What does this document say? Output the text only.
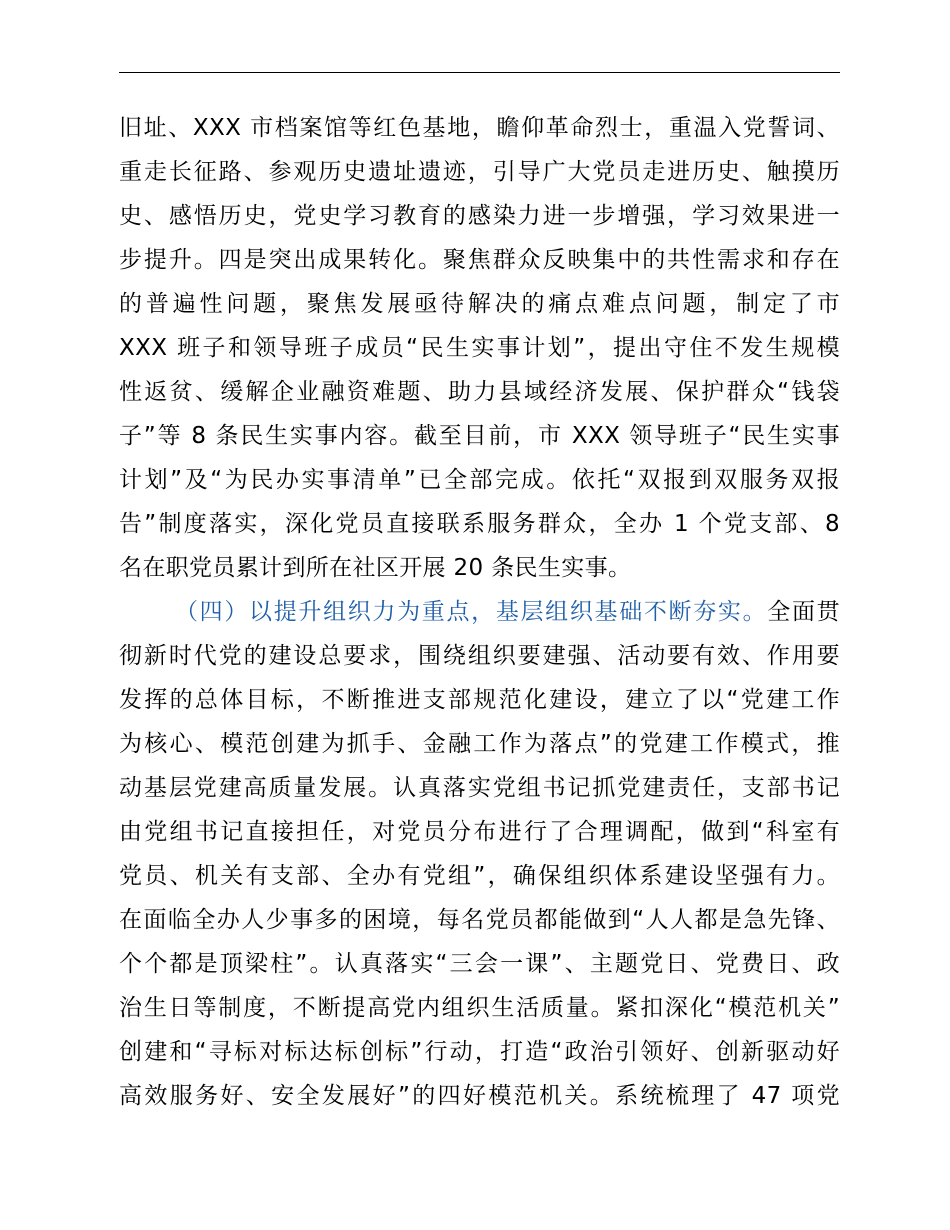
旧址、XXX 市档案馆等红色基地，瞻仰革命烈士，重温入党誓词、
重走长征路、参观历史遗址遗迹，引导广大党员走进历史、触摸历
史、感悟历史，党史学习教育的感染力进一步增强，学习效果进一
步提升。四是突出成果转化。聚焦群众反映集中的共性需求和存在
的普遍性问题，聚焦发展亟待解决的痛点难点问题，制定了市
XXX 班子和领导班子成员“民生实事计划”，提出守住不发生规模
性返贫、缓解企业融资难题、助力县域经济发展、保护群众“钱袋
子”等 8 条民生实事内容。截至目前，市 XXX 领导班子“民生实事
计划”及“为民办实事清单”已全部完成。依托“双报到双服务双报
告”制度落实，深化党员直接联系服务群众，全办 1 个党支部、8
名在职党员累计到所在社区开展 20 条民生实事。
（四）以提升组织力为重点，基层组织基础不断夯实。全面贯
彻新时代党的建设总要求，围绕组织要建强、活动要有效、作用要
发挥的总体目标，不断推进支部规范化建设，建立了以“党建工作
为核心、模范创建为抓手、金融工作为落点”的党建工作模式，推
动基层党建高质量发展。认真落实党组书记抓党建责任，支部书记
由党组书记直接担任，对党员分布进行了合理调配，做到“科室有
党员、机关有支部、全办有党组”，确保组织体系建设坚强有力。
在面临全办人少事多的困境，每名党员都能做到“人人都是急先锋、
个个都是顶梁柱”。认真落实“三会一课”、主题党日、党费日、政
治生日等制度，不断提高党内组织生活质量。紧扣深化“模范机关”
创建和“寻标对标达标创标”行动，打造“政治引领好、创新驱动好
高效服务好、安全发展好”的四好模范机关。系统梳理了 47 项党
